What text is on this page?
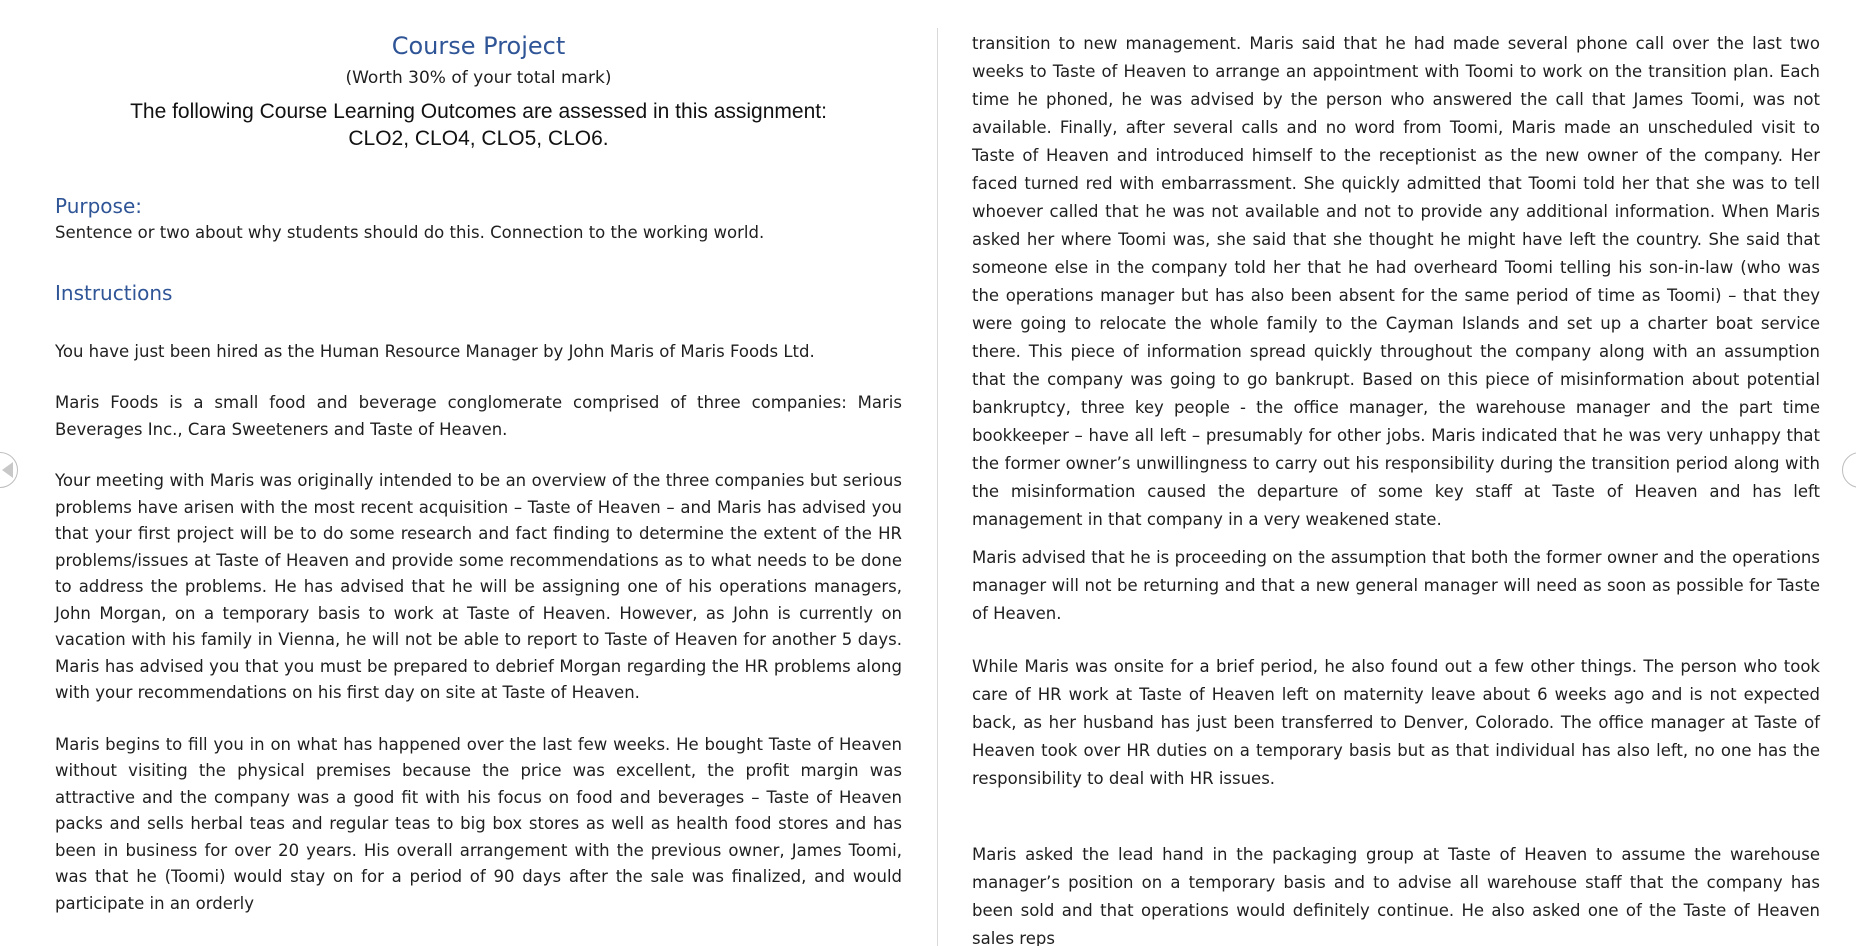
Course Project
(Worth 30% of your total mark)
The following Course Learning Outcomes are assessed in this assignment:
CLO2, CLO4, CLO5, CLO6.
Purpose:

Sentence or two about why students should do this. Connection to the working world.

Instructions

You have just been hired as the Human Resource Manager by John Maris of Maris Foods Ltd.

Maris Foods is a small food and beverage conglomerate comprised of three companies: Maris Beverages Inc., Cara Sweeteners and Taste of Heaven.

Your meeting with Maris was originally intended to be an overview of the three companies but serious problems have arisen with the most recent acquisition – Taste of Heaven – and Maris has advised you that your first project will be to do some research and fact finding to determine the extent of the HR problems/issues at Taste of Heaven and provide some recommendations as to what needs to be done to address the problems. He has advised that he will be assigning one of his operations managers, John Morgan, on a temporary basis to work at Taste of Heaven. However, as John is currently on vacation with his family in Vienna, he will not be able to report to Taste of Heaven for another 5 days. Maris has advised you that you must be prepared to debrief Morgan regarding the HR problems along with your recommendations on his first day on site at Taste of Heaven.

Maris begins to fill you in on what has happened over the last few weeks. He bought Taste of Heaven without visiting the physical premises because the price was excellent, the profit margin was attractive and the company was a good fit with his focus on food and beverages – Taste of Heaven packs and sells herbal teas and regular teas to big box stores as well as health food stores and has been in business for over 20 years. His overall arrangement with the previous owner, James Toomi, was that he (Toomi) would stay on for a period of 90 days after the sale was finalized, and would participate in an orderly

transition to new management. Maris said that he had made several phone call over the last two weeks to Taste of Heaven to arrange an appointment with Toomi to work on the transition plan. Each time he phoned, he was advised by the person who answered the call that James Toomi, was not available. Finally, after several calls and no word from Toomi, Maris made an unscheduled visit to Taste of Heaven and introduced himself to the receptionist as the new owner of the company. Her faced turned red with embarrassment. She quickly admitted that Toomi told her that she was to tell whoever called that he was not available and not to provide any additional information. When Maris asked her where Toomi was, she said that she thought he might have left the country. She said that someone else in the company told her that he had overheard Toomi telling his son-in-law (who was the operations manager but has also been absent for the same period of time as Toomi) – that they were going to relocate the whole family to the Cayman Islands and set up a charter boat service there. This piece of information spread quickly throughout the company along with an assumption that the company was going to go bankrupt. Based on this piece of misinformation about potential bankruptcy, three key people - the office manager, the warehouse manager and the part time bookkeeper – have all left – presumably for other jobs. Maris indicated that he was very unhappy that the former owner’s unwillingness to carry out his responsibility during the transition period along with the misinformation caused the departure of some key staff at Taste of Heaven and has left management in that company in a very weakened state.

Maris advised that he is proceeding on the assumption that both the former owner and the operations manager will not be returning and that a new general manager will need as soon as possible for Taste of Heaven.

While Maris was onsite for a brief period, he also found out a few other things. The person who took care of HR work at Taste of Heaven left on maternity leave about 6 weeks ago and is not expected back, as her husband has just been transferred to Denver, Colorado. The office manager at Taste of Heaven took over HR duties on a temporary basis but as that individual has also left, no one has the responsibility to deal with HR issues.

Maris asked the lead hand in the packaging group at Taste of Heaven to assume the warehouse manager’s position on a temporary basis and to advise all warehouse staff that the company has been sold and that operations would definitely continue. He also asked one of the Taste of Heaven sales reps
